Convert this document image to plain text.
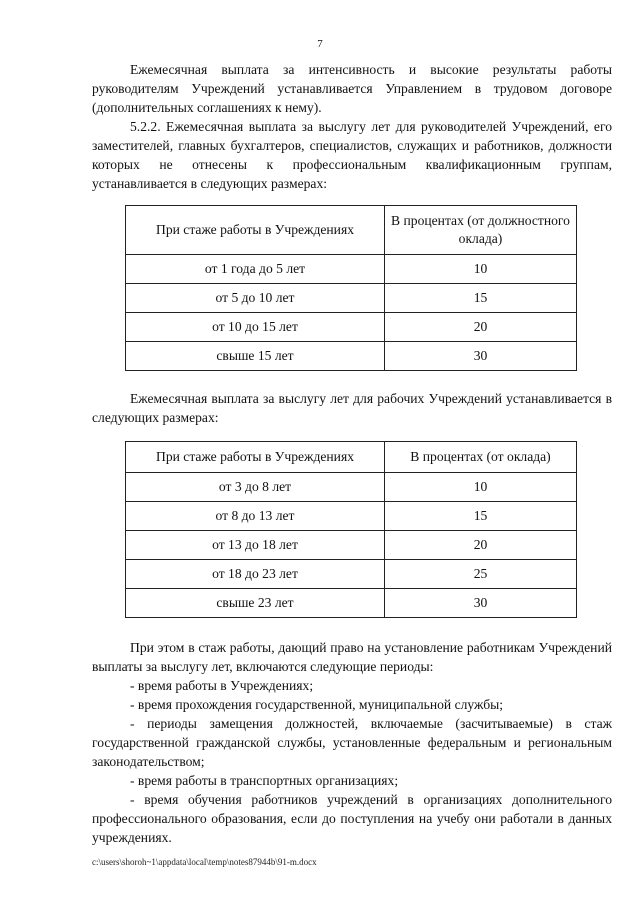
7

Ежемесячная выплата за интенсивность и высокие результаты работы руководителям Учреждений устанавливается Управлением в трудовом договоре (дополнительных соглашениях к нему).

5.2.2. Ежемесячная выплата за выслугу лет для руководителей Учреждений, его заместителей, главных бухгалтеров, специалистов, служащих и работников, должности которых не отнесены к профессиональным квалификационным группам, устанавливается в следующих размерах:

При стаже работы в Учреждениях	В процентах (от должностного оклада)
от 1 года до 5 лет	10
от 5 до 10 лет	15
от 10 до 15 лет	20
свыше 15 лет	30

Ежемесячная выплата за выслугу лет для рабочих Учреждений устанавливается в следующих размерах:

При стаже работы в Учреждениях	В процентах (от оклада)
от 3 до 8 лет	10
от 8 до 13 лет	15
от 13 до 18 лет	20
от 18 до 23 лет	25
свыше 23 лет	30

При этом в стаж работы, дающий право на установление работникам Учреждений выплаты за выслугу лет, включаются следующие периоды:

- время работы в Учреждениях;

- время прохождения государственной, муниципальной службы;

- периоды замещения должностей, включаемые (засчитываемые) в стаж государственной гражданской службы, установленные федеральным и региональным законодательством;

- время работы в транспортных организациях;

- время обучения работников учреждений в организациях дополнительного профессионального образования, если до поступления на учебу они работали в данных учреждениях.

c:\users\shoroh~1\appdata\local\temp\notes87944b\91-m.docx
